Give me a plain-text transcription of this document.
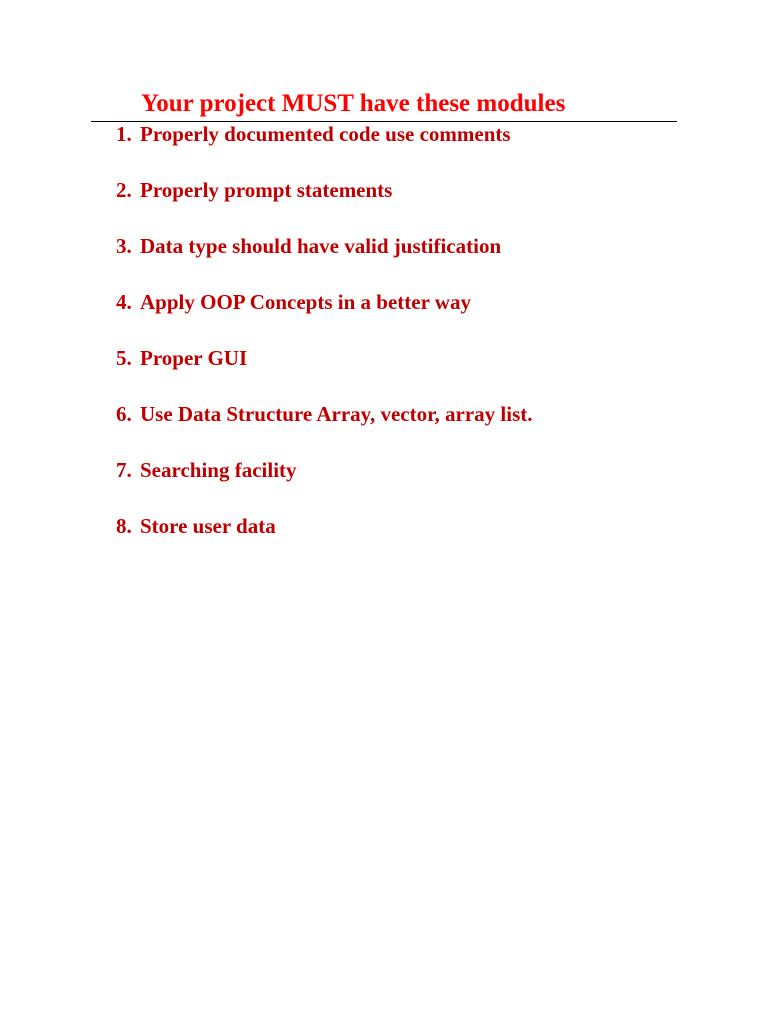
Your project MUST have these modules
1. Properly documented code use comments
2. Properly prompt statements
3. Data type should have valid justification
4. Apply OOP Concepts in a better way
5. Proper GUI
6. Use Data Structure Array, vector, array list.
7. Searching facility
8. Store user data
